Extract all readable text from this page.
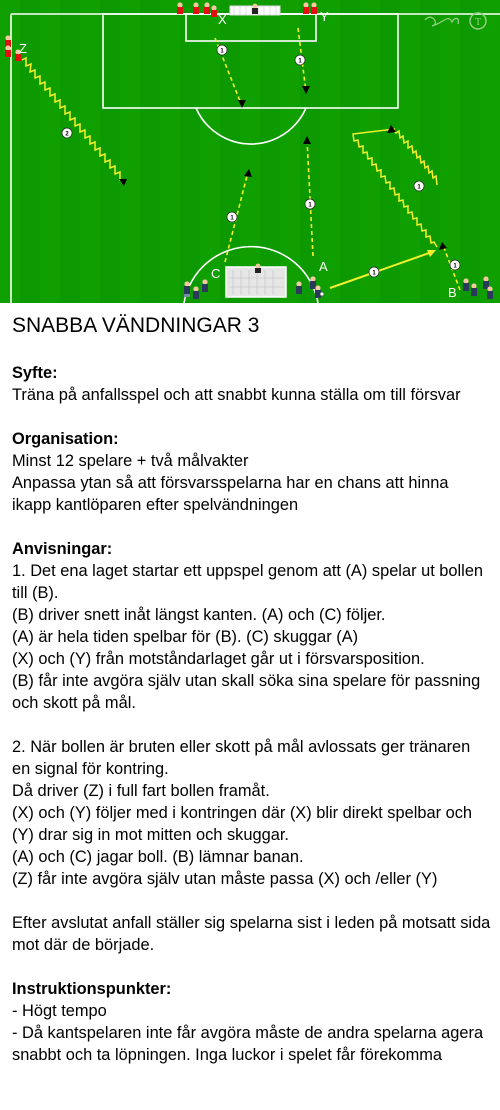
1
1
1
1
1
1
1
2
X	Y
Z
A
B
C
T
SNABBA VÄNDNINGAR 3
Syfte:

Träna på anfallsspel och att snabbt kunna ställa om till försvar

Organisation:

Minst 12 spelare + två målvakter

Anpassa ytan så att försvarsspelarna har en chans att hinna ikapp kantlöparen efter spelvändningen

Anvisningar:

1. Det ena laget startar ett uppspel genom att (A) spelar ut bollen till (B).

(B) driver snett inåt längst kanten. (A) och (C) följer.

(A) är hela tiden spelbar för (B). (C) skuggar (A)

(X) och (Y) från motståndarlaget går ut i försvarsposition.

(B) får inte avgöra själv utan skall söka sina spelare för passning och skott på mål.

2. När bollen är bruten eller skott på mål avlossats ger tränaren en signal för kontring.

Då driver (Z) i full fart bollen framåt.

(X) och (Y) följer med i kontringen där (X) blir direkt spelbar och (Y) drar sig in mot mitten och skuggar.

(A) och (C) jagar boll. (B) lämnar banan.

(Z) får inte avgöra själv utan måste passa (X) och /eller (Y)

Efter avslutat anfall ställer sig spelarna sist i leden på motsatt sida mot där de började.

Instruktionspunkter:

- Högt tempo

- Då kantspelaren inte får avgöra måste de andra spelarna agera snabbt och ta löpningen. Inga luckor i spelet får förekomma
